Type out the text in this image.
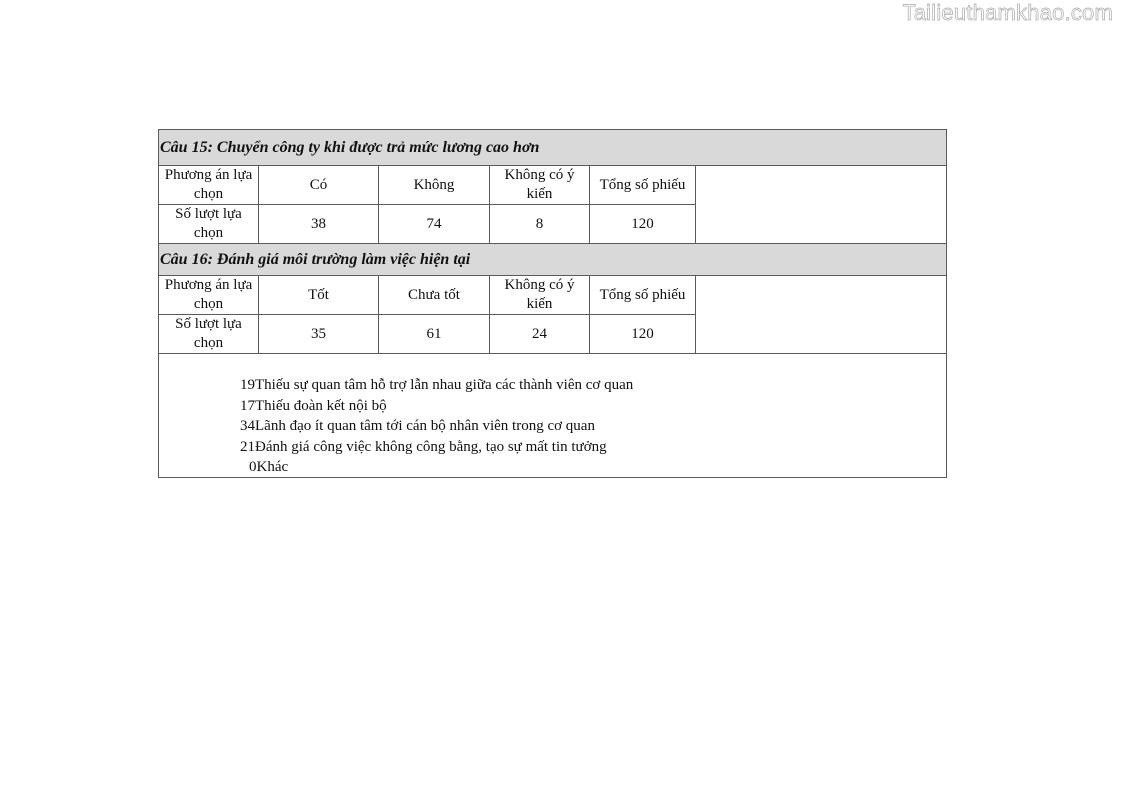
Tailieuthamkhao.com
Câu 15: Chuyển công ty khi được trả mức lương cao hơn
Phương án lựa chọn	Có	Không	Không có ý kiến	Tổng số phiếu
Số lượt lựa chọn	38	74	8	120
Câu 16: Đánh giá môi trường làm việc hiện tại
Phương án lựa chọn	Tốt	Chưa tốt	Không có ý kiến	Tổng số phiếu
Số lượt lựa chọn	35	61	24	120
19Thiếu sự quan tâm hỗ trợ lẫn nhau giữa các thành viên cơ quan
17Thiếu đoàn kết nội bộ
34Lãnh đạo ít quan tâm tới cán bộ nhân viên trong cơ quan
21Đánh giá công việc không công bằng, tạo sự mất tin tưởng
0Khác
